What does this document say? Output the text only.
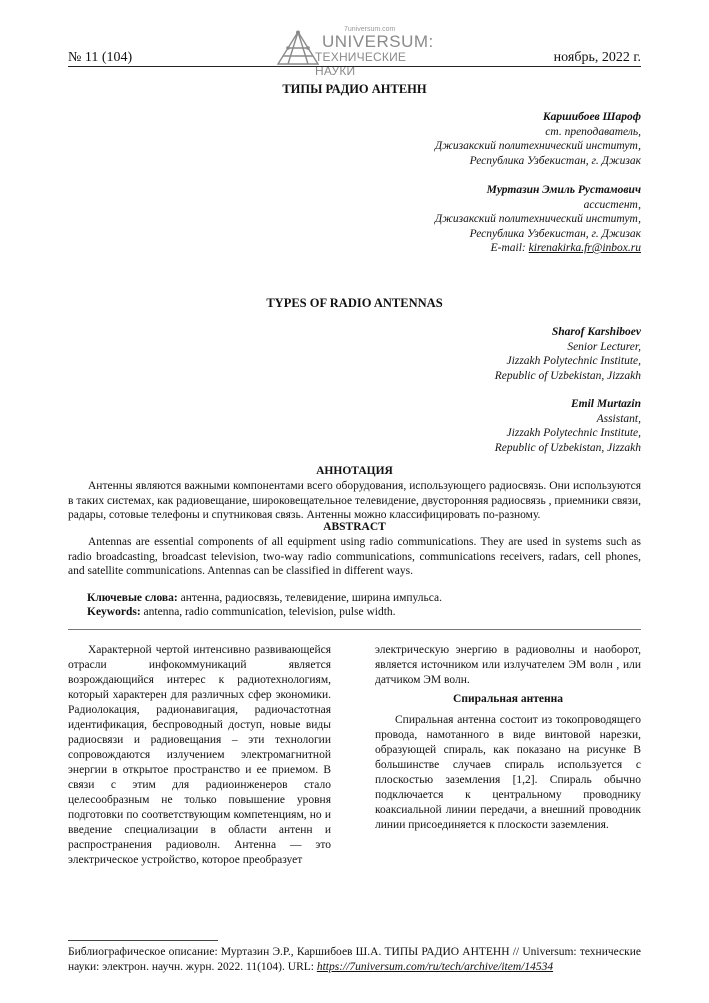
№ 11 (104)
7universum.com
UNIVERSUM:
ТЕХНИЧЕСКИЕ НАУКИ
ноябрь, 2022 г.
ТИПЫ РАДИО АНТЕНН
Каршибоев Шароф
ст. преподаватель,
Джизакский политехнический институт,
Республика Узбекистан, г. Джизак
Муртазин Эмиль Рустамович
ассистент,
Джизакский политехнический институт,
Республика Узбекистан, г. Джизак
E-mail: kirenakirka.fr@inbox.ru
TYPES OF RADIO ANTENNAS
Sharof Karshiboev
Senior Lecturer,
Jizzakh Polytechnic Institute,
Republic of Uzbekistan, Jizzakh
Emil Murtazin
Assistant,
Jizzakh Polytechnic Institute,
Republic of Uzbekistan, Jizzakh
АННОТАЦИЯ
Антенны являются важными компонентами всего оборудования, использующего радиосвязь. Они используются в таких системах, как радиовещание, широковещательное телевидение, двусторонняя радиосвязь , приемники связи, радары, сотовые телефоны и спутниковая связь. Антенны можно классифицировать по-разному.
ABSTRACT
Antennas are essential components of all equipment using radio communications. They are used in systems such as radio broadcasting, broadcast television, two-way radio communications, communications receivers, radars, cell phones, and satellite communications. Antennas can be classified in different ways.
Ключевые слова: антенна, радиосвязь, телевидение, ширина импульса.
Keywords: antenna, radio communication, television, pulse width.
Характерной чертой интенсивно развивающейся отрасли инфокоммуникаций является возрождающийся интерес к радиотехнологиям, который характерен для различных сфер экономики. Радиолокация, радионавигация, радиочастотная идентификация, беспроводный доступ, новые виды радиосвязи и радиовещания – эти технологии сопровождаются излучением электромагнитной энергии в открытое пространство и ее приемом. В связи с этим для радиоинженеров стало целесообразным не только повышение уровня подготовки по соответствующим компетенциям, но и введение специализации в области антенн и распространения радиоволн. Антенна — это электрическое устройство, которое преобразует
электрическую энергию в радиоволны и наоборот, является источником или излучателем ЭМ волн , или датчиком ЭМ волн.
Спиральная антенна
Спиральная антенна состоит из токопроводящего провода, намотанного в виде винтовой нарезки, образующей спираль, как показано на рисунке В большинстве случаев спираль используется с плоскостью заземления [1,2]. Спираль обычно подключается к центральному проводнику коаксиальной линии передачи, а внешний проводник линии присоединяется к плоскости заземления.
Библиографическое описание: Муртазин Э.Р., Каршибоев Ш.А. ТИПЫ РАДИО АНТЕНН // Universum: технические науки: электрон. научн. журн. 2022. 11(104). URL: https://7universum.com/ru/tech/archive/item/14534
